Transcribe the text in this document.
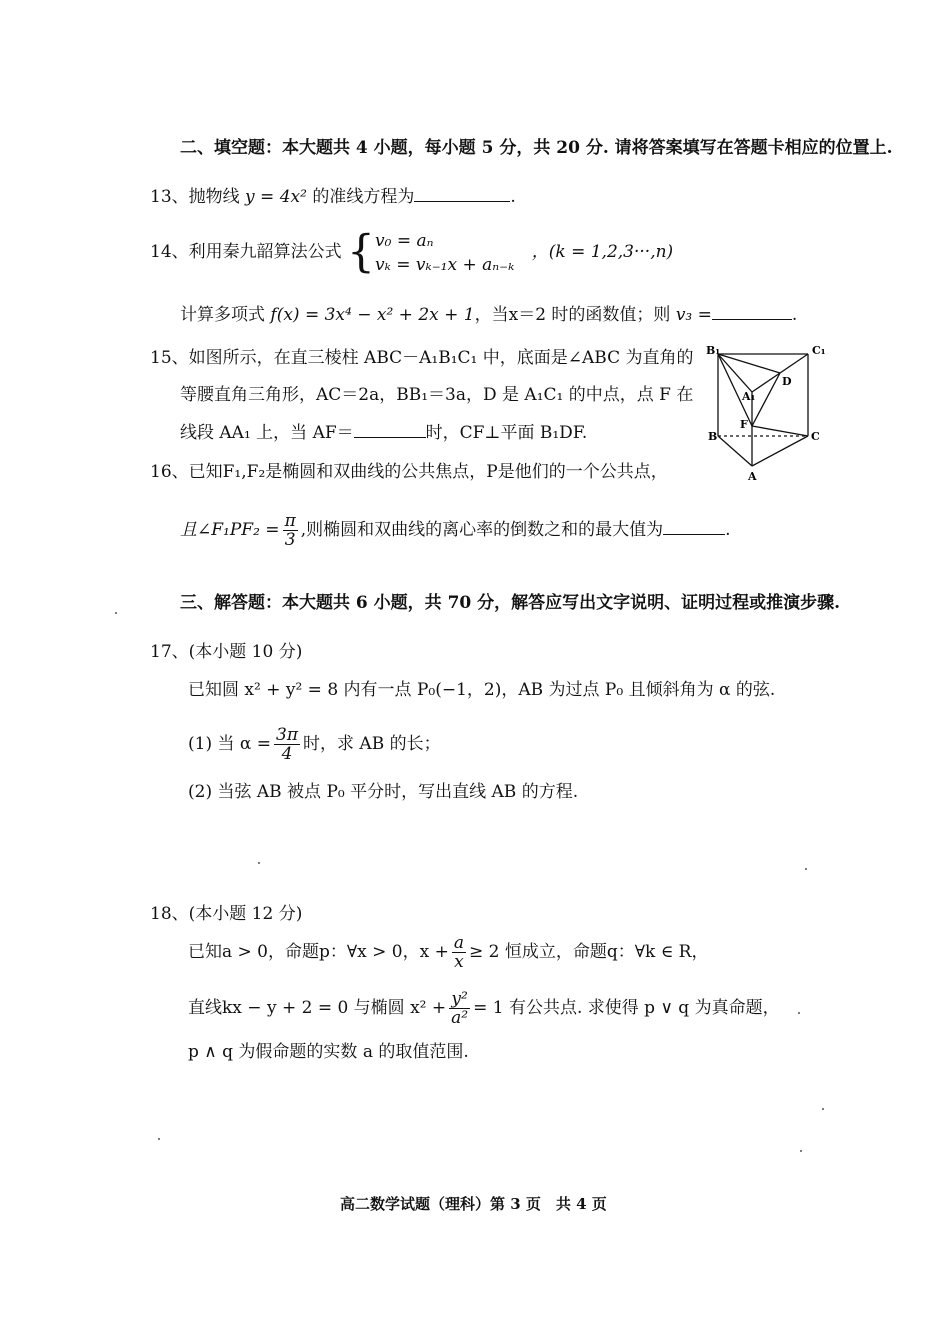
二、填空题：本大题共 4 小题，每小题 5 分，共 20 分. 请将答案填写在答题卡相应的位置上.
13、抛物线 y = 4x² 的准线方程为	.
14、利用秦九韶算法公式 { v₀ = aₙ
vₖ = vₖ₋₁x + aₙ₋ₖ
，(k = 1,2,3···,n)
计算多项式 f(x) = 3x⁴ − x² + 2x + 1，当x＝2 时的函数值；则 v₃ =	.
15、如图所示，在直三棱柱 ABC－A₁B₁C₁ 中，底面是∠ABC 为直角的
等腰直角三角形，AC＝2a，BB₁＝3a，D 是 A₁C₁ 的中点，点 F 在
线段 AA₁ 上，当 AF＝	时，CF⊥平面 B₁DF.
B₁	C₁
D
A₁
F
B	C
A
16、已知F₁,F₂是椭圆和双曲线的公共焦点，P是他们的一个公共点，
且∠F₁PF₂ = $\frac{\pi}{3}$ ,则椭圆和双曲线的离心率的倒数之和的最大值为	.
三、解答题：本大题共 6 小题，共 70 分，解答应写出文字说明、证明过程或推演步骤.
17、(本小题 10 分)
已知圆 x² + y² = 8 内有一点 P₀(−1，2)，AB 为过点 P₀ 且倾斜角为 α 的弦.
(1) 当 $\alpha = \frac{3\pi}{4}$ 时，求 AB 的长；
(2) 当弦 AB 被点 P₀ 平分时，写出直线 AB 的方程.
18、(本小题 12 分)
已知a > 0，命题p：∀x > 0，$x + \frac{a}{x} \ge 2$ 恒成立，命题q：∀k ∈ R，
直线kx − y + 2 = 0 与椭圆 $x^2 + \frac{\text{y²}}{\text{a²}} = 1$ 有公共点. 求使得 p ∨ q 为真命题，
p ∧ q 为假命题的实数 a 的取值范围.
高二数学试题（理科）第 3 页　共 4 页
